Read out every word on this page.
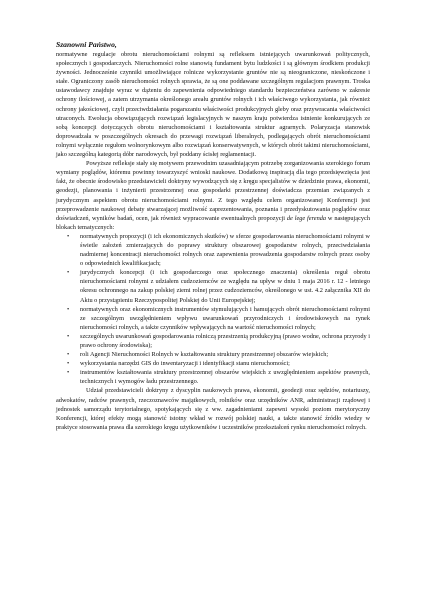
Szanowni Państwo,

normatywne regulacje obrotu nieruchomościami rolnymi są refleksem istniejących uwarunkowań politycznych, społecznych i gospodarczych. Nieruchomości rolne stanowią fundament bytu ludzkości i są głównym środkiem produkcji żywności. Jednocześnie czynniki umożliwiające rolnicze wykorzystanie gruntów nie są nieograniczone, nieskończone i stałe. Ograniczony zasób nieruchomości rolnych sprawia, że są one poddawane szczególnym regulacjom prawnym. Troska ustawodawcy znajduje wyraz w dążeniu do zapewnienia odpowiedniego standardu bezpieczeństwa zarówno w zakresie ochrony ilościowej, a zatem utrzymania określonego areału gruntów rolnych i ich właściwego wykorzystania, jak również ochrony jakościowej, czyli przeciwdziałania pogarszaniu właściwości produkcyjnych gleby oraz przywracania właściwości utraconych. Ewolucja obowiązujących rozwiązań legislacyjnych w naszym kraju potwierdza istnienie konkurujących ze sobą koncepcji dotyczących obrotu nieruchomościami i kształtowania struktur agrarnych. Polaryzacja stanowisk doprowadzała w poszczególnych okresach do przewagi rozwiązań liberalnych, podlegających obrót nieruchomościami rolnymi wyłącznie regułom wolnorynkowym albo rozwiązań konserwatywnych, w których obrót takimi nieruchomościami, jako szczególną kategorią dóbr narodowych, był poddany ścisłej reglamentacji.

Powyższe refleksje stały się motywem przewodnim uzasadniającym potrzebę zorganizowania szerokiego forum wymiany poglądów, któremu powinny towarzyszyć wnioski naukowe. Dodatkową inspiracją dla tego przedsięwzięcia jest fakt, że obecnie środowisko przedstawicieli doktryny wywodzących się z kręgu specjalistów w dziedzinie prawa, ekonomii, geodezji, planowania i inżynierii przestrzennej oraz gospodarki przestrzennej doświadcza przemian związanych z jurydycznym aspektem obrotu nieruchomościami rolnymi. Z tego względu celem organizowanej Konferencji jest przeprowadzenie naukowej debaty stwarzającej możliwość zaprezentowania, poznania i przedyskutowania poglądów oraz doświadczeń, wyników badań, ocen, jak również wypracowanie ewentualnych propozycji de lege ferenda w następujących blokach tematycznych:

• normatywnych propozycji (i ich ekonomicznych skutków) w sferze gospodarowania nieruchomościami rolnymi w świetle założeń zmierzających do poprawy struktury obszarowej gospodarstw rolnych, przeciwdziałania nadmiernej koncentracji nieruchomości rolnych oraz zapewnienia prowadzenia gospodarstw rolnych przez osoby o odpowiednich kwalifikacjach;
• jurydycznych koncepcji (i ich gospodarczego oraz społecznego znaczenia) określenia reguł obrotu nieruchomościami rolnymi z udziałem cudzoziemców ze względu na upływ w dniu 1 maja 2016 r. 12 - letniego okresu ochronnego na zakup polskiej ziemi rolnej przez cudzoziemców, określonego w ust. 4.2 załącznika XII do Aktu o przystąpieniu Rzeczypospolitej Polskiej do Unii Europejskiej;
• normatywnych oraz ekonomicznych instrumentów stymulujących i hamujących obrót nieruchomościami rolnymi ze szczególnym uwzględnieniem wpływu uwarunkowań przyrodniczych i środowiskowych na rynek nieruchomości rolnych, a także czynników wpływających na wartość nieruchomości rolnych;
• szczególnych uwarunkowań gospodarowania rolniczą przestrzenią produkcyjną (prawo wodne, ochrona przyrody i prawo ochrony środowiska);
• roli Agencji Nieruchomości Rolnych w kształtowaniu struktury przestrzennej obszarów wiejskich;
• wykorzystania narzędzi GIS do inwentaryzacji i identyfikacji stanu nieruchomości;
• instrumentów kształtowania struktury przestrzennej obszarów wiejskich z uwzględnieniem aspektów prawnych, technicznych i wymogów ładu przestrzennego.

Udział przedstawicieli doktryny z dyscyplin naukowych prawa, ekonomii, geodezji oraz sędziów, notariuszy, adwokatów, radców prawnych, rzeczoznawców majątkowych, rolników oraz urzędników ANR, administracji rządowej i jednostek samorządu terytorialnego, spotykających się z ww. zagadnieniami zapewni wysoki poziom merytoryczny Konferencji, której efekty mogą stanowić istotny wkład w rozwój polskiej nauki, a także stanowić źródło wiedzy w praktyce stosowania prawa dla szerokiego kręgu użytkowników i uczestników przekształceń rynku nieruchomości rolnych.
